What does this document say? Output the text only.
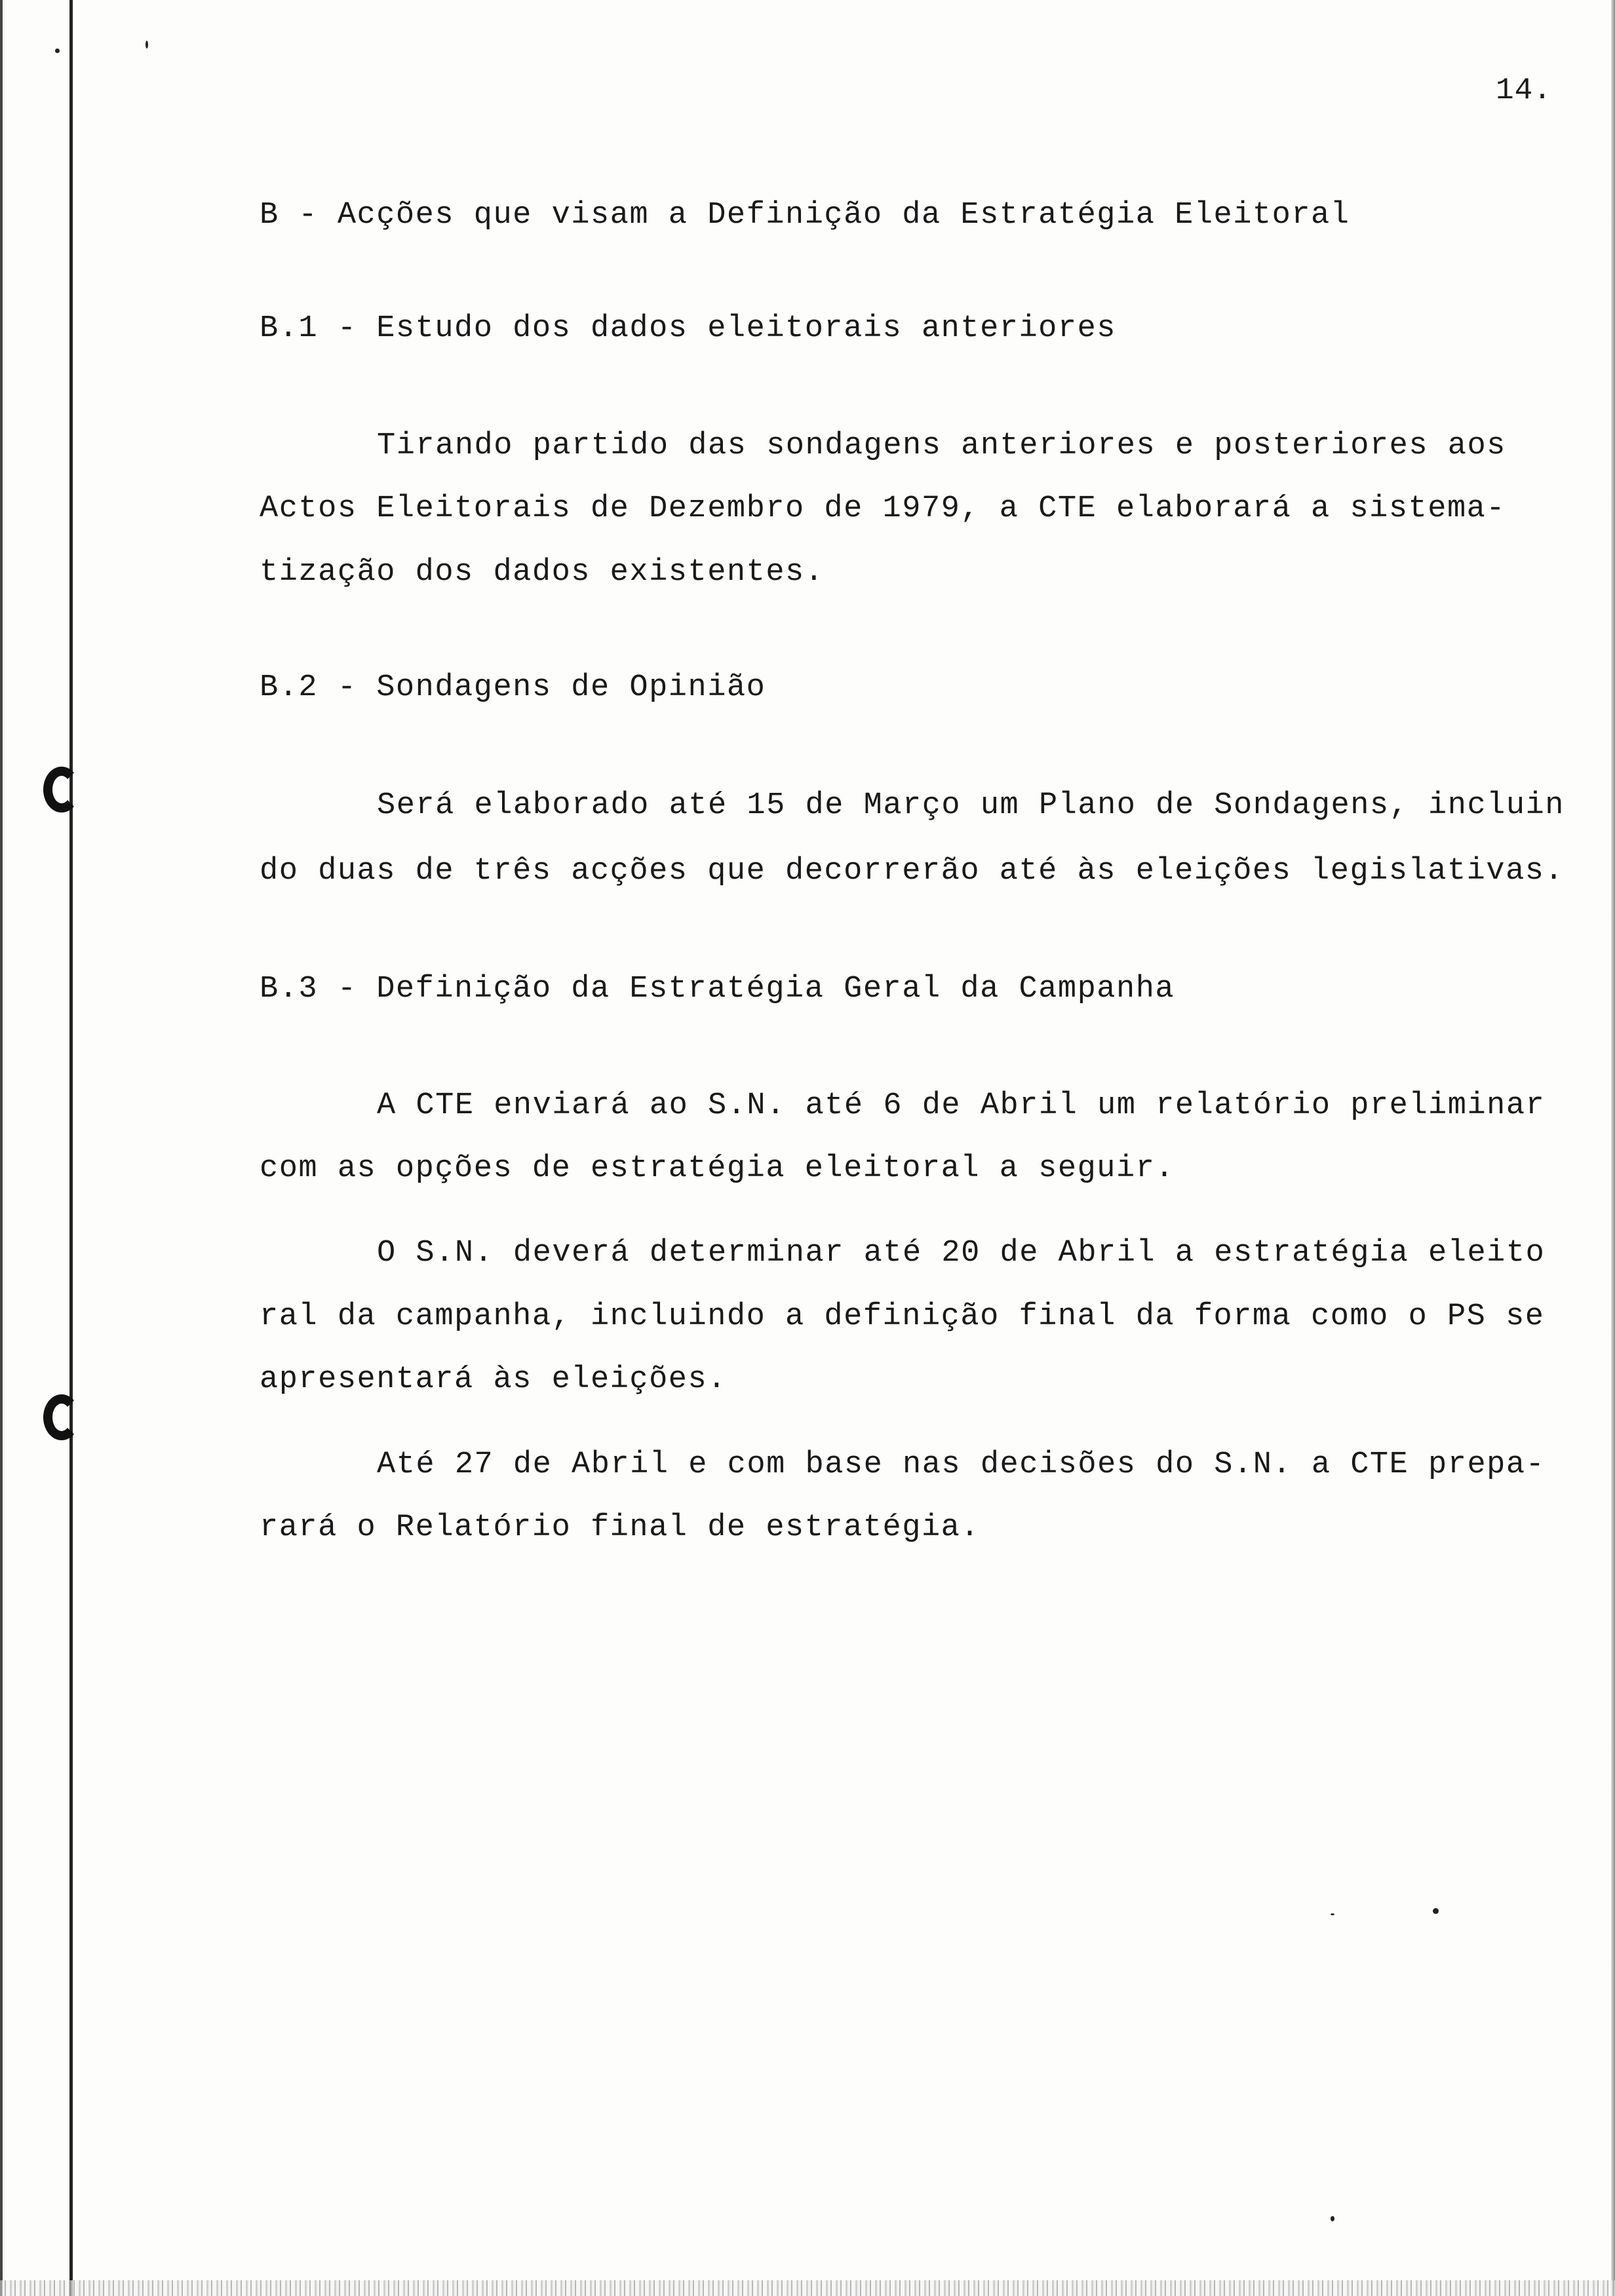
14.
B - Acções que visam a Definição da Estratégia Eleitoral
B.1 - Estudo dos dados eleitorais anteriores
Tirando partido das sondagens anteriores e posteriores aos
Actos Eleitorais de Dezembro de 1979, a CTE elaborará a sistema-
tização dos dados existentes.
B.2 - Sondagens de Opinião
Será elaborado até 15 de Março um Plano de Sondagens, incluin
do duas de três acções que decorrerão até às eleições legislativas.
B.3 - Definição da Estratégia Geral da Campanha
A CTE enviará ao S.N. até 6 de Abril um relatório preliminar
com as opções de estratégia eleitoral a seguir.
O S.N. deverá determinar até 20 de Abril a estratégia eleito
ral da campanha, incluindo a definição final da forma como o PS se
apresentará às eleições.
Até 27 de Abril e com base nas decisões do S.N. a CTE prepa-
rará o Relatório final de estratégia.
